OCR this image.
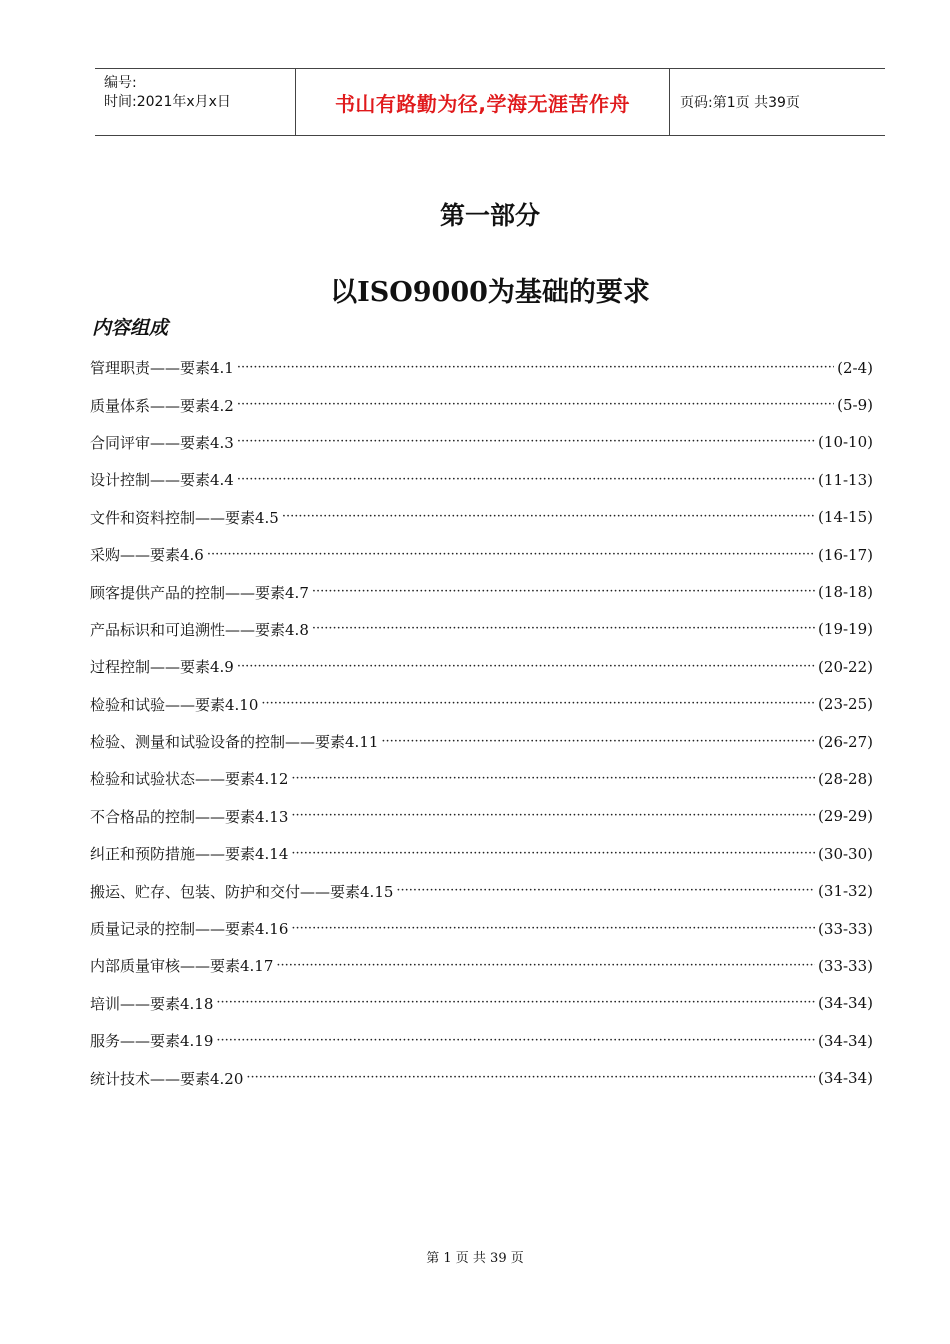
编号:
时间:2021年x月x日	书山有路勤为径,学海无涯苦作舟	页码:第1页 共39页
第一部分
以ISO9000为基础的要求
内容组成
管理职责——要素4.1 ·····	(2-4)
质量体系——要素4.2 ·····	(5-9)
合同评审——要素4.3 ·····	(10-10)
设计控制——要素4.4 ·····	(11-13)
文件和资料控制——要素4.5 ·····	(14-15)
采购——要素4.6 ·····	(16-17)
顾客提供产品的控制——要素4.7 ·····	(18-18)
产品标识和可追溯性——要素4.8 ·····	(19-19)
过程控制——要素4.9 ·····	(20-22)
检验和试验——要素4.10 ·····	(23-25)
检验、测量和试验设备的控制——要素4.11 ·····	(26-27)
检验和试验状态——要素4.12 ·····	(28-28)
不合格品的控制——要素4.13 ·····	(29-29)
纠正和预防措施——要素4.14 ·····	(30-30)
搬运、贮存、包装、防护和交付——要素4.15 ·····	(31-32)
质量记录的控制——要素4.16 ·····	(33-33)
内部质量审核——要素4.17 ·····	(33-33)
培训——要素4.18 ·····	(34-34)
服务——要素4.19 ·····	(34-34)
统计技术——要素4.20 ·····	(34-34)
第 1 页 共 39 页
